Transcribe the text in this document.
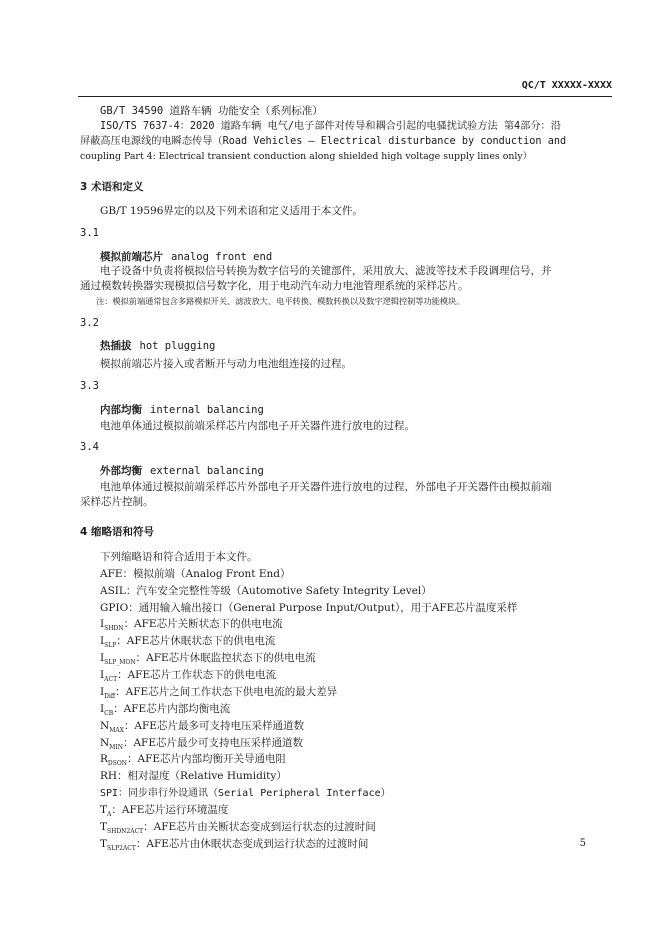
QC/T XXXXX-XXXX
GB/T 34590 道路车辆 功能安全（系列标准）
ISO/TS 7637-4：2020 道路车辆 电气/电子部件对传导和耦合引起的电骚扰试验方法 第4部分：沿
屏蔽高压电源线的电瞬态传导（Road Vehicles — Electrical disturbance by conduction and
coupling Part 4: Electrical transient conduction along shielded high voltage supply lines only）
3 术语和定义
GB/T 19596界定的以及下列术语和定义适用于本文件。
3.1
模拟前端芯片 analog front end
电子设备中负责将模拟信号转换为数字信号的关键部件，采用放大、滤波等技术手段调理信号，并
通过模数转换器实现模拟信号数字化，用于电动汽车动力电池管理系统的采样芯片。
注：模拟前端通常包含多路模拟开关、滤波放大、电平转换、模数转换以及数字逻辑控制等功能模块。
3.2
热插拔 hot plugging
模拟前端芯片接入或者断开与动力电池组连接的过程。
3.3
内部均衡 internal balancing
电池单体通过模拟前端采样芯片内部电子开关器件进行放电的过程。
3.4
外部均衡 external balancing
电池单体通过模拟前端采样芯片外部电子开关器件进行放电的过程，外部电子开关器件由模拟前端
采样芯片控制。
4 缩略语和符号
下列缩略语和符合适用于本文件。
AFE：模拟前端（Analog Front End）
ASIL：汽车安全完整性等级（Automotive Safety Integrity Level）
GPIO：通用输入输出接口（General Purpose Input/Output），用于AFE芯片温度采样
$I_{SHDN}$：AFE芯片关断状态下的供电电流
$I_{SLP}$：AFE芯片休眠状态下的供电电流
$I_{SLP\_MON}$：AFE芯片休眠监控状态下的供电电流
$I_{ACT}$：AFE芯片工作状态下的供电电流
$I_{Diff}$：AFE芯片之间工作状态下供电电流的最大差异
$I_{CB}$：AFE芯片内部均衡电流
$N_{MAX}$：AFE芯片最多可支持电压采样通道数
$N_{MIN}$：AFE芯片最少可支持电压采样通道数
$R_{DSON}$：AFE芯片内部均衡开关导通电阻
RH：相对湿度（Relative Humidity）
SPI：同步串行外设通讯（Serial Peripheral Interface）
$T_A$：AFE芯片运行环境温度
$T_{SHDN2ACT}$：AFE芯片由关断状态变成到运行状态的过渡时间
$T_{SLP2ACT}$：AFE芯片由休眠状态变成到运行状态的过渡时间	5
